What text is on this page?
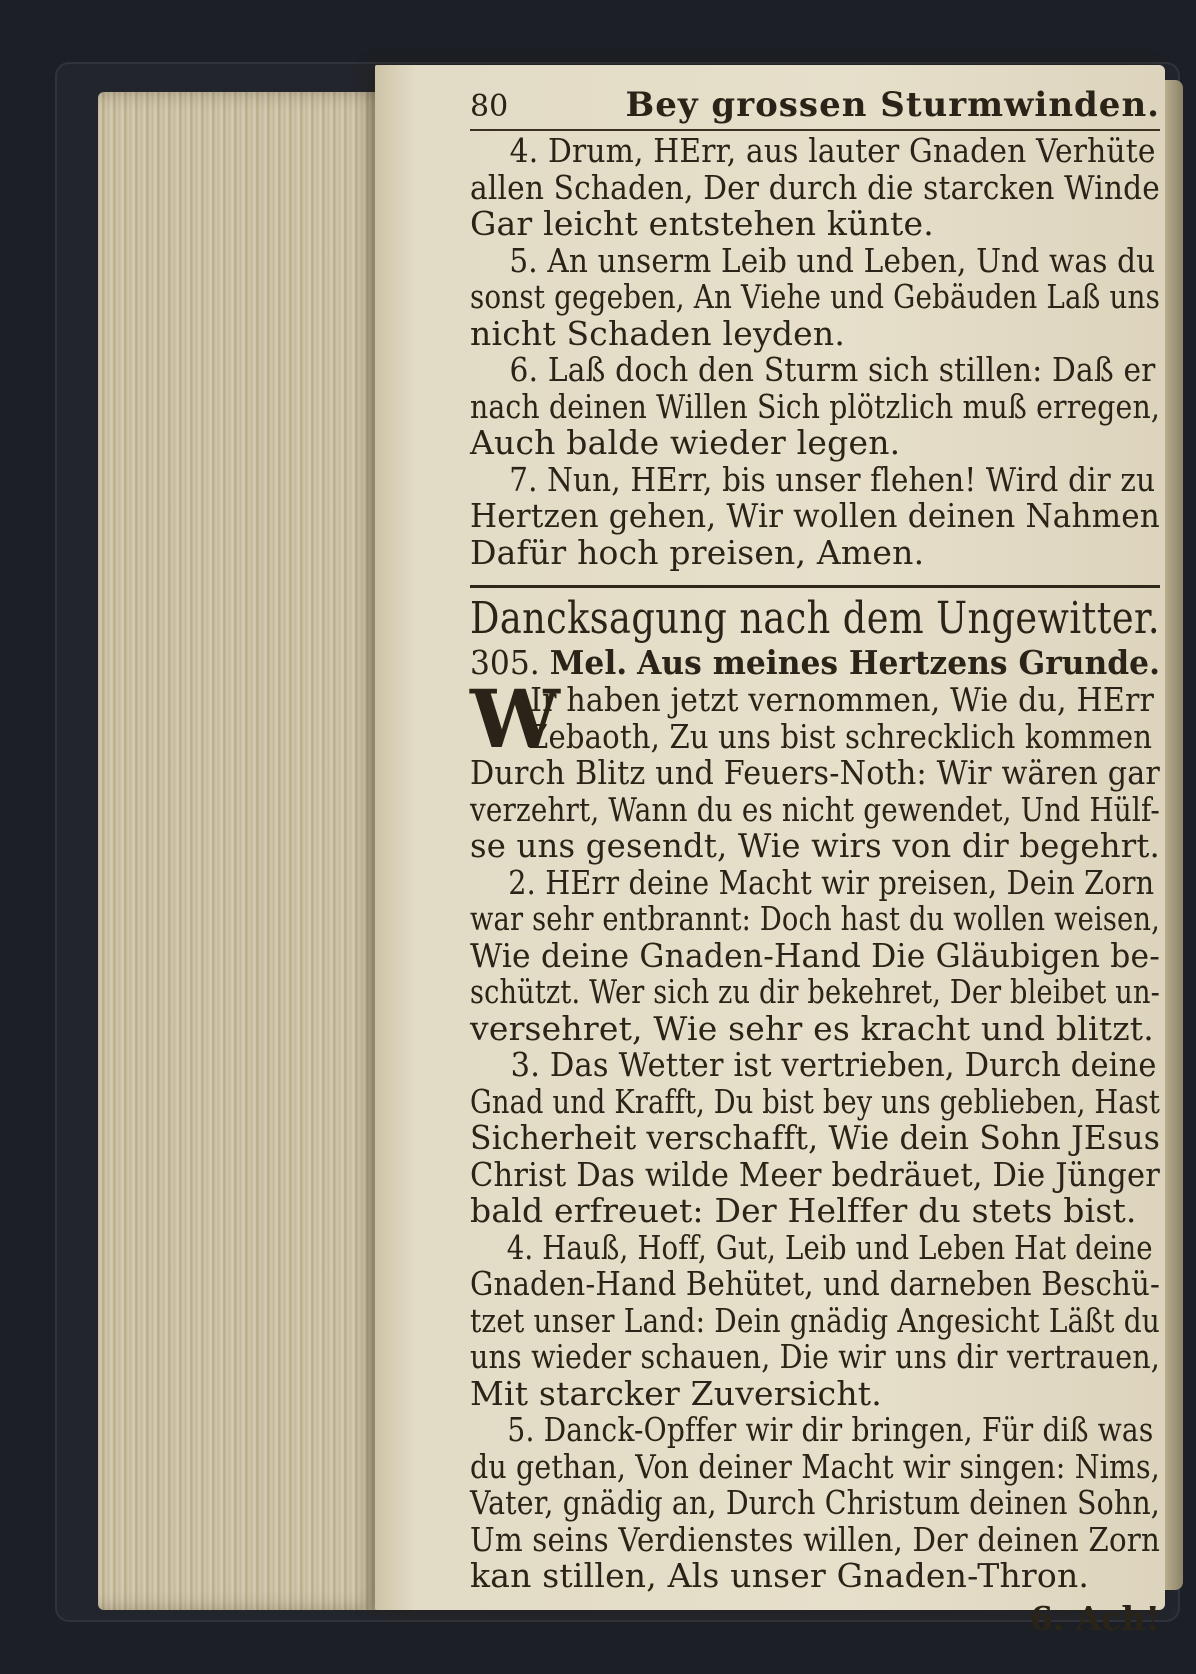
80	Bey grossen Sturmwinden.
4. Drum, HErr, aus lauter Gnaden Verhüte
allen Schaden, Der durch die starcken Winde
Gar leicht entstehen künte.
5. An unserm Leib und Leben, Und was du
sonst gegeben, An Viehe und Gebäuden Laß uns
nicht Schaden leyden.
6. Laß doch den Sturm sich stillen: Daß er
nach deinen Willen Sich plötzlich muß erregen,
Auch balde wieder legen.
7. Nun, HErr, bis unser flehen! Wird dir zu
Hertzen gehen, Wir wollen deinen Nahmen
Dafür hoch preisen, Amen.
Dancksagung nach dem Ungewitter.
305. Mel. Aus meines Hertzens Grunde.
W
Ir haben jetzt vernommen, Wie du, HErr
Zebaoth, Zu uns bist schrecklich kommen
Durch Blitz und Feuers-Noth: Wir wären gar
verzehrt, Wann du es nicht gewendet, Und Hülf-
se uns gesendt, Wie wirs von dir begehrt.
2. HErr deine Macht wir preisen, Dein Zorn
war sehr entbrannt: Doch hast du wollen weisen,
Wie deine Gnaden-Hand Die Gläubigen be-
schützt. Wer sich zu dir bekehret, Der bleibet un-
versehret, Wie sehr es kracht und blitzt.
3. Das Wetter ist vertrieben, Durch deine
Gnad und Krafft, Du bist bey uns geblieben, Hast
Sicherheit verschafft, Wie dein Sohn JEsus
Christ Das wilde Meer bedräuet, Die Jünger
bald erfreuet: Der Helffer du stets bist.
4. Hauß, Hoff, Gut, Leib und Leben Hat deine
Gnaden-Hand Behütet, und darneben Beschü-
tzet unser Land: Dein gnädig Angesicht Läßt du
uns wieder schauen, Die wir uns dir vertrauen,
Mit starcker Zuversicht.
5. Danck-Opffer wir dir bringen, Für diß was
du gethan, Von deiner Macht wir singen: Nims,
Vater, gnädig an, Durch Christum deinen Sohn,
Um seins Verdienstes willen, Der deinen Zorn
kan stillen, Als unser Gnaden-Thron.
6. Ach!
